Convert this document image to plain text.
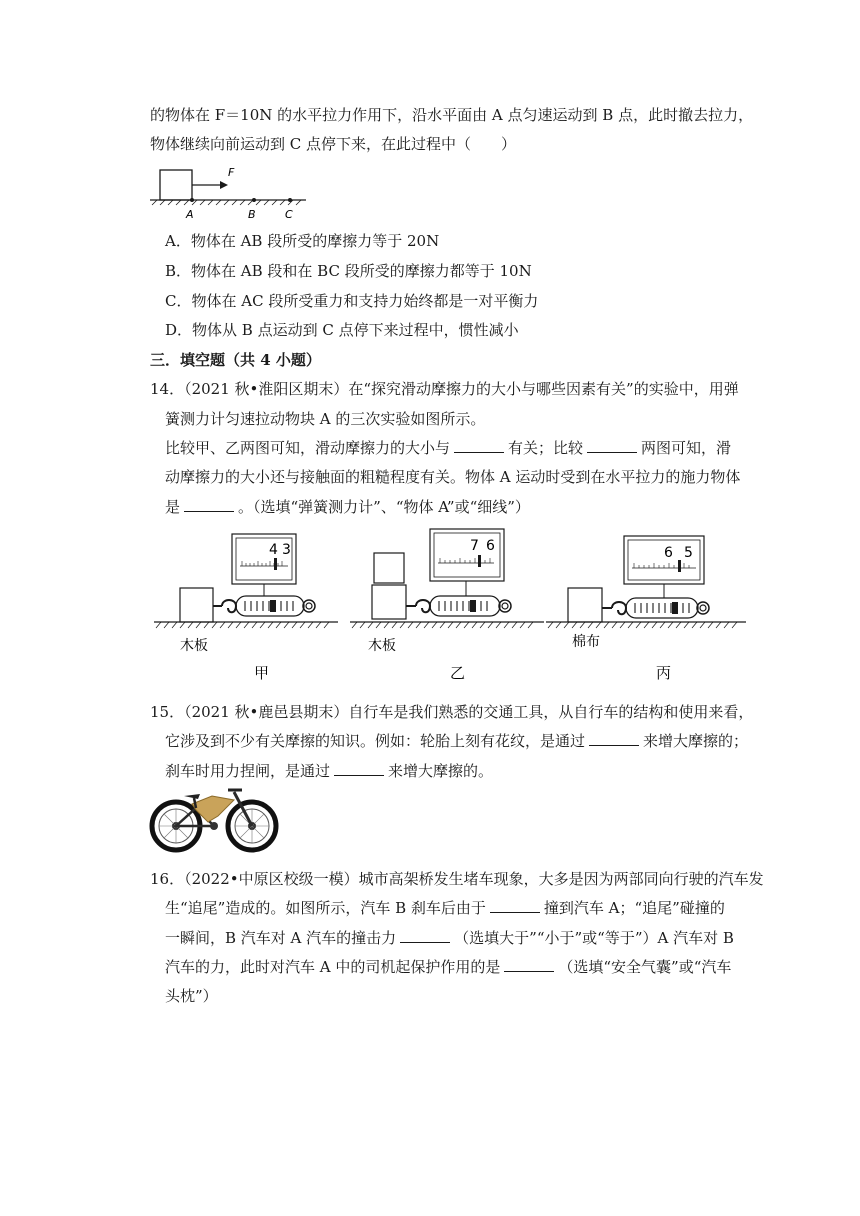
的物体在 F＝10N 的水平拉力作用下，沿水平面由 A 点匀速运动到 B 点，此时撤去拉力，
物体继续向前运动到 C 点停下来，在此过程中（　　）
F
A	B	C
A．物体在 AB 段所受的摩擦力等于 20N
B．物体在 AB 段和在 BC 段所受的摩擦力都等于 10N
C．物体在 AC 段所受重力和支持力始终都是一对平衡力
D．物体从 B 点运动到 C 点停下来过程中，惯性减小
三．填空题（共 4 小题）
14．（2021 秋•淮阳区期末）在“探究滑动摩擦力的大小与哪些因素有关”的实验中，用弹
簧测力计匀速拉动物块 A 的三次实验如图所示。
比较甲、乙两图可知，滑动摩擦力的大小与	有关；比较	两图可知，滑
动摩擦力的大小还与接触面的粗糙程度有关。物体 A 运动时受到在水平拉力的施力物体
是	。（选填“弹簧测力计”、“物体 A”或“细线”）
4 3
木板
甲
7 6
木板
乙
6 5
棉布
丙
15．（2021 秋•鹿邑县期末）自行车是我们熟悉的交通工具，从自行车的结构和使用来看，
它涉及到不少有关摩擦的知识。例如：轮胎上刻有花纹，是通过	来增大摩擦的；
刹车时用力捏闸，是通过	来增大摩擦的。
16．（2022•中原区校级一模）城市高架桥发生堵车现象，大多是因为两部同向行驶的汽车发
生“追尾”造成的。如图所示，汽车 B 刹车后由于	撞到汽车 A；“追尾”碰撞的
一瞬间，B 汽车对 A 汽车的撞击力	（选填大于”“小于”或“等于”）A 汽车对 B
汽车的力，此时对汽车 A 中的司机起保护作用的是	（选填“安全气囊”或“汽车
头枕”）
